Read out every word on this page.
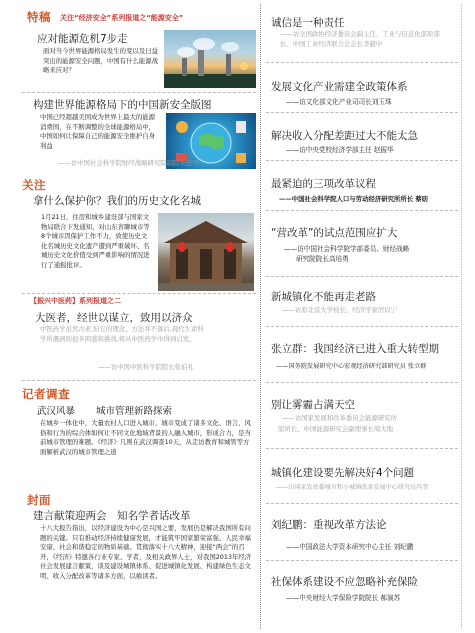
特稿 关注“经济安全”系列报道之“能源安全”
应对能源危机7步走
面对当今世界能源格局发生的变以及日益突出的能源安全问题，中国有什么能源战略来应对？
构建世界能源格局下的中国新安全版图
中国已经超越美国成为世界上最大的能源消费国，在不断调整的全球能源格局中，中国如何让保障自己的能源安全维护自身利益
——访中国社会科学院财经战略研究院副院长史丹
关注
拿什么保护你？我们的历史文化名城
1月21日，住房和城乡建设部与国家文物局联合下发通知，对山东省聊城市等8个城市因保护工作不力，致使历史文化名城历史文化遗产遭到严重破坏、名城历史文化价值受到严重影响的情况进行了通报批评。
【振兴中医药】系列报道之二
大医者，经世以谋立，致用以济众
中医药学虽然古老,但它的理念、方法并不落后,现代生命科学所遇到的很多困惑和挑战,将从中医药学中得到启发。
——访中国中医科学院院长张伯礼
记者调查
武汉风暴 城市管理新路探索
在城乡一体化中，大量农村人口进入城市，城市变成了诸多文化、语言、风俗和行为的综合体如何让不同文化地域背景的人融入城市，形成合力，是当前城市管理的难题。《经济》几则在武汉调查10天，从走访教育和城管等方面解析武汉的城市管理之道
封面
建言献策迎两会　知名学者话改革
十八大报告指出，以经济建设为中心是兴国之要，发展仍是解决我国所有问题的关键。只有推动经济持续健康发展，才能筑牢国家繁荣富强、人民幸福安康、社会和谐稳定的物质基础。贯彻落实十八大精神，迎接“两会”的召开，《经济》特邀各行业专家、学者，及相关政界人士，对我国2013年经济社会发展建言献策，谈及建设城镇体系、促进城镇化发展、构建绿色生态文明、收入分配改革等诸多方面，以飨读者。
诚信是一种责任
——访全国政协经济委员会副主任，工业与信息化部原部长、中国工业经济联合会会长李毅中
发展文化产业需建全政策体系
——访文化部文化产业司司长刘玉珠
解决收入分配差距过大不能太急
——访中央党校经济学部主任 赵振华
最紧迫的三项改革议程
——中国社会科学院人口与劳动经济研究所所长 蔡昉
“营改革”的试点范围应扩大
——访中国社会科学院学部委员、财经战略
研究院院长高培勇
新城镇化不能再走老路
——访原北京大学校长、经济学家厉以宁
张立群：我国经济已进入重大转型期
——国务院发展研究中心宏观经济研究部研究员 张立群
别让雾霾占满天空
——访国家发展和改革委员会能源研究所
原所长、中国能源研究会副理事长周大地
城镇化建设要先解决好4个问题
——访国家发改委城市和小城镇改革发展中心研究员冯奎
刘纪鹏：重视改革方法论
——中国政法大学资本研究中心主任 刘纪鹏
社保体系建设不应忽略补充保险
——中央财经大学保险学院院长 郝演苏
